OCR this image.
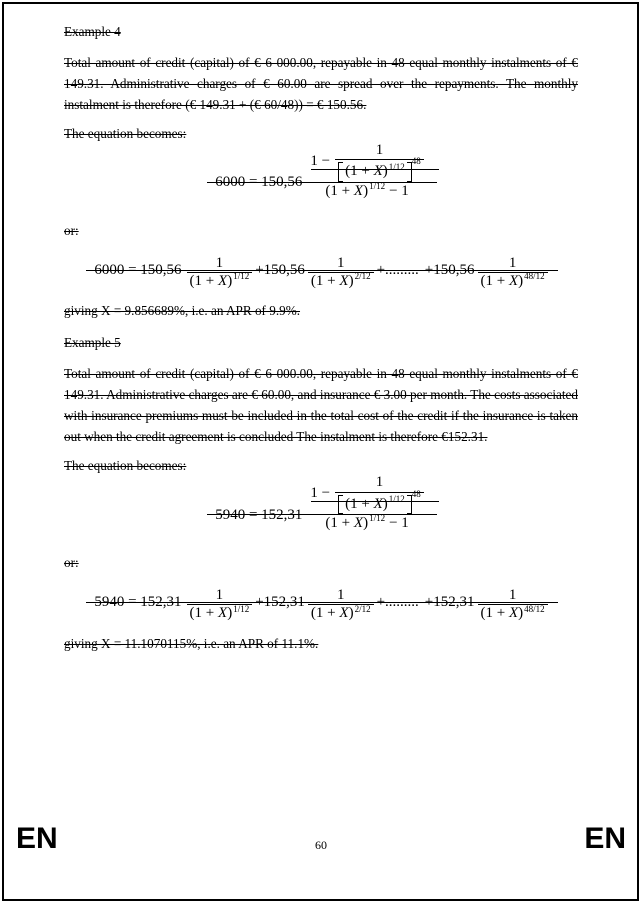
Example 4

Total amount of credit (capital) of € 6 000.00, repayable in 48 equal monthly instalments of € 149.31. Administrative charges of € 60.00 are spread over the repayments. The monthly instalment is therefore (€ 149.31 + (€ 60/48)) = € 150.56.

The equation becomes:

6000 = 150,56
1 − 1
(1 + X ) 1/12
48
(1 + X ) 1/12 − 1

or:

$6000 = 150,56 \frac{1}{(1 + X ) 1/12} +150,56 \frac{1}{(1 + X ) 2/12}$ +......... $+150,56 \frac{1}{(1 + X ) 48/12}$

giving X = 9.856689%, i.e. an APR of 9.9%.

Example 5

Total amount of credit (capital) of € 6 000.00, repayable in 48 equal monthly instalments of € 149.31. Administrative charges are € 60.00, and insurance € 3.00 per month. The costs associated with insurance premiums must be included in the total cost of the credit if the insurance is taken out when the credit agreement is concluded The instalment is therefore €152.31.

The equation becomes:

5940 = 152,31
1 − 1
(1 + X ) 1/12
48
(1 + X ) 1/12 − 1

or:

$5940 = 152,31 \frac{1}{(1 + X ) 1/12} +152,31 \frac{1}{(1 + X ) 2/12}$ +......... $+152,31 \frac{1}{(1 + X ) 48/12}$

giving X = 11.1070115%, i.e. an APR of 11.1%.

EN	60	EN
